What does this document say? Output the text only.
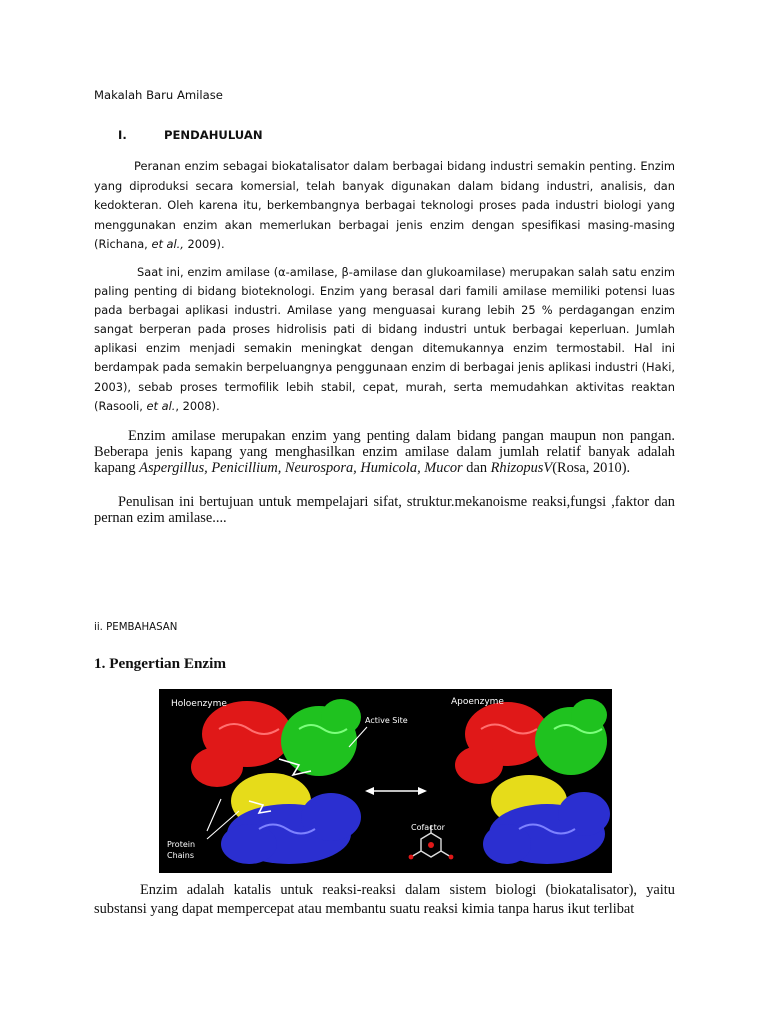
Makalah Baru Amilase
I.	PENDAHULUAN

Peranan enzim sebagai biokatalisator dalam berbagai bidang industri semakin penting. Enzim yang diproduksi secara komersial, telah banyak digunakan dalam bidang industri, analisis, dan kedokteran. Oleh karena itu, berkembangnya berbagai teknologi proses pada industri biologi yang menggunakan enzim akan memerlukan berbagai jenis enzim dengan spesifikasi masing-masing (Richana, et al., 2009).

Saat ini, enzim amilase (α-amilase, β-amilase dan glukoamilase) merupakan salah satu enzim paling penting di bidang bioteknologi. Enzim yang berasal dari famili amilase memiliki potensi luas pada berbagai aplikasi industri. Amilase yang menguasai kurang lebih 25 % perdagangan enzim sangat berperan pada proses hidrolisis pati di bidang industri untuk berbagai keperluan. Jumlah aplikasi enzim menjadi semakin meningkat dengan ditemukannya enzim termostabil. Hal ini berdampak pada semakin berpeluangnya penggunaan enzim di berbagai jenis aplikasi industri (Haki, 2003), sebab proses termofilik lebih stabil, cepat, murah, serta memudahkan aktivitas reaktan (Rasooli, et al., 2008).

Enzim amilase merupakan enzim yang penting dalam bidang pangan maupun non pangan. Beberapa jenis kapang yang menghasilkan enzim amilase dalam jumlah relatif banyak adalah kapang Aspergillus, Penicillium, Neurospora, Humicola, Mucor dan RhizopusV(Rosa, 2010).

Penulisan ini bertujuan untuk mempelajari sifat, struktur.mekanoisme reaksi,fungsi ,faktor dan pernan ezim amilase....

ii. PEMBAHASAN
1. Pengertian Enzim
Holoenzyme	Apoenzyme
Active Site
Cofactor
Protein
Chains

Enzim adalah katalis untuk reaksi-reaksi dalam sistem biologi (biokatalisator), yaitu substansi yang dapat mempercepat atau membantu suatu reaksi kimia tanpa harus ikut terlibat
